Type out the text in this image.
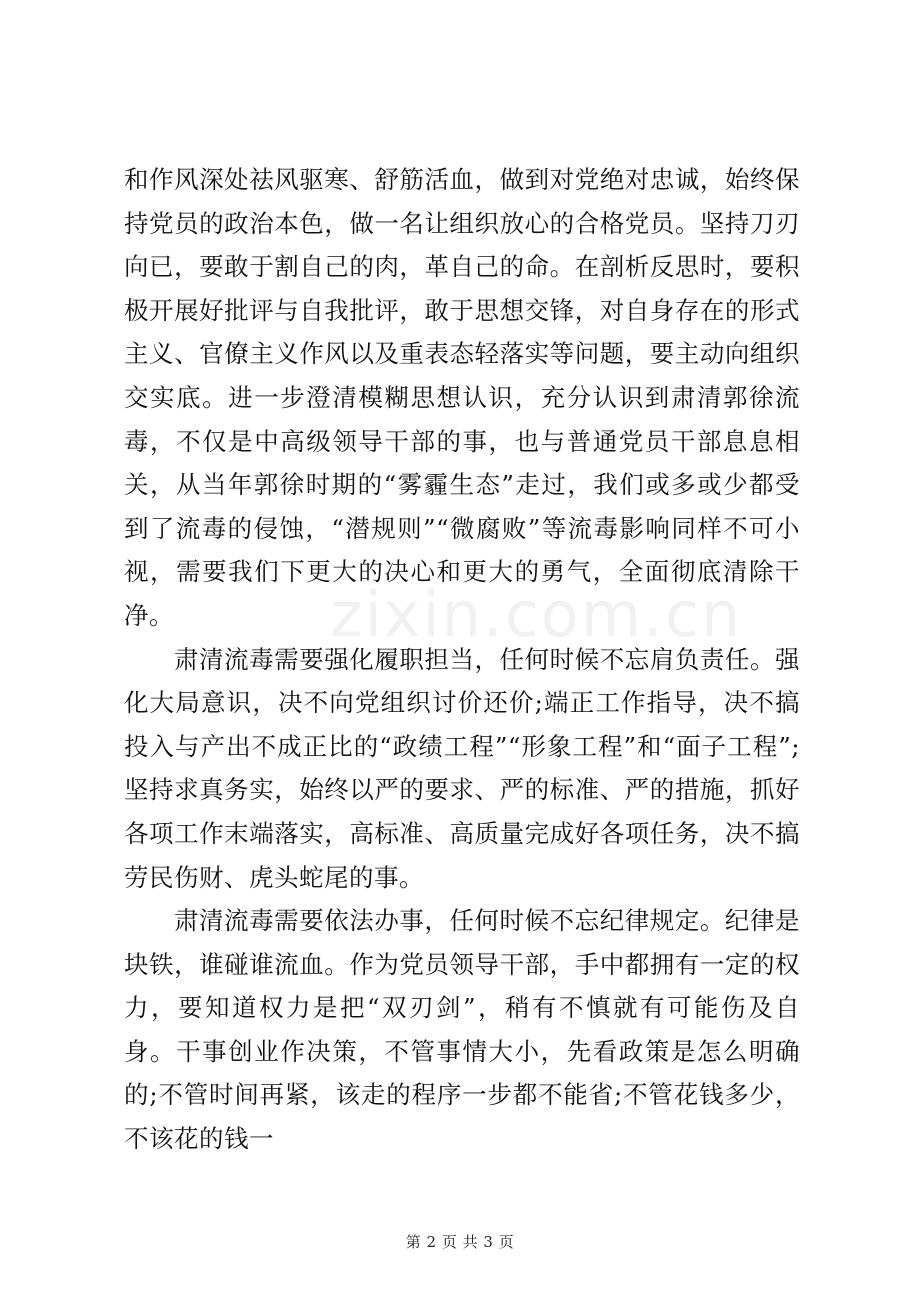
zixin.com.cn

和作风深处祛风驱寒、舒筋活血，做到对党绝对忠诚，始终保持党员的政治本色，做一名让组织放心的合格党员。坚持刀刃向已，要敢于割自己的肉，革自己的命。在剖析反思时，要积极开展好批评与自我批评，敢于思想交锋，对自身存在的形式主义、官僚主义作风以及重表态轻落实等问题，要主动向组织交实底。进一步澄清模糊思想认识，充分认识到肃清郭徐流毒，不仅是中高级领导干部的事，也与普通党员干部息息相关，从当年郭徐时期的“雾霾生态”走过，我们或多或少都受到了流毒的侵蚀，“潜规则”“微腐败”等流毒影响同样不可小视，需要我们下更大的决心和更大的勇气，全面彻底清除干净。

肃清流毒需要强化履职担当，任何时候不忘肩负责任。强化大局意识，决不向党组织讨价还价;端正工作指导，决不搞投入与产出不成正比的“政绩工程”“形象工程”和“面子工程”;坚持求真务实，始终以严的要求、严的标准、严的措施，抓好各项工作末端落实，高标准、高质量完成好各项任务，决不搞劳民伤财、虎头蛇尾的事。

肃清流毒需要依法办事，任何时候不忘纪律规定。纪律是块铁，谁碰谁流血。作为党员领导干部，手中都拥有一定的权力，要知道权力是把“双刃剑”，稍有不慎就有可能伤及自身。干事创业作决策，不管事情大小，先看政策是怎么明确的;不管时间再紧，该走的程序一步都不能省;不管花钱多少，不该花的钱一

第 2 页 共 3 页
